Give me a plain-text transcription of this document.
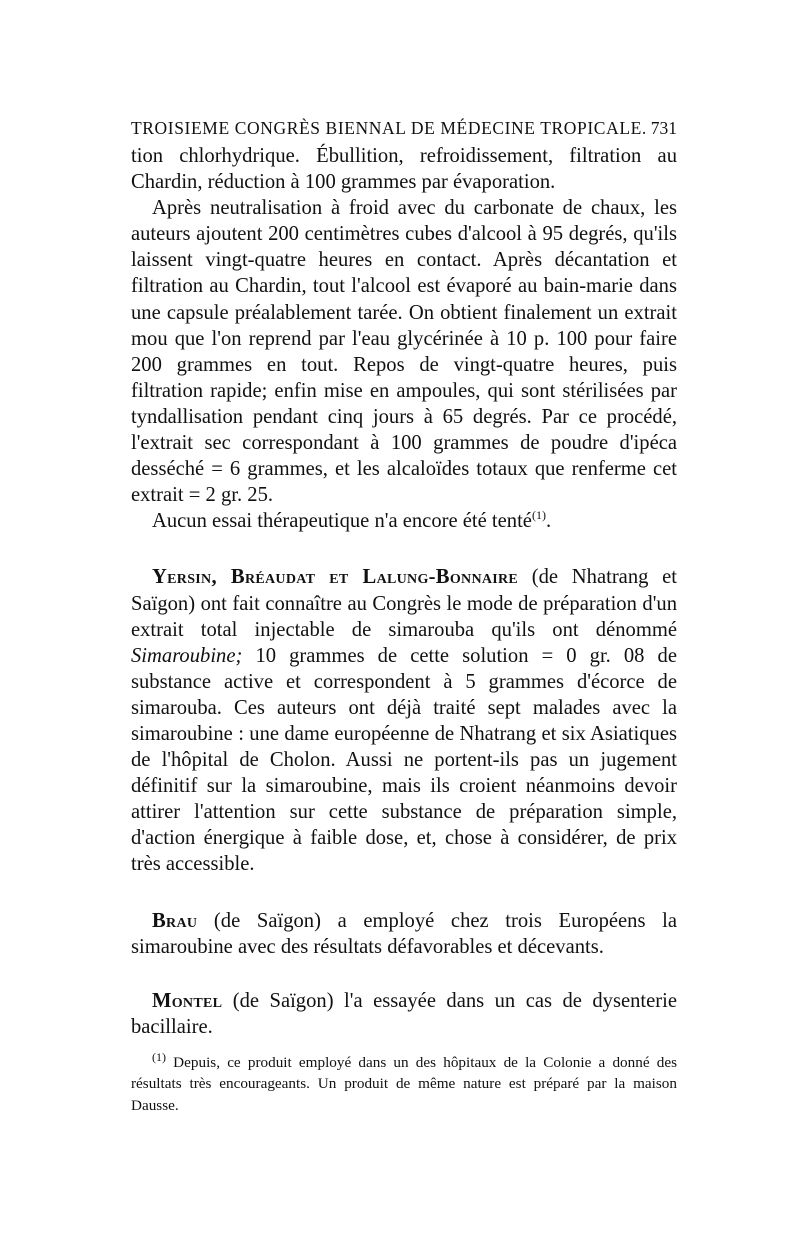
TROISIEME CONGRÈS BIENNAL DE MÉDECINE TROPICALE. 731

tion chlorhydrique. Ébullition, refroidissement, filtration au Chardin, réduction à 100 grammes par évaporation.

Après neutralisation à froid avec du carbonate de chaux, les auteurs ajoutent 200 centimètres cubes d'alcool à 95 degrés, qu'ils laissent vingt-quatre heures en contact. Après décantation et filtration au Chardin, tout l'alcool est évaporé au bain-marie dans une capsule préalablement tarée. On obtient finalement un extrait mou que l'on reprend par l'eau glycérinée à 10 p. 100 pour faire 200 grammes en tout. Repos de vingt-quatre heures, puis filtration rapide; enfin mise en ampoules, qui sont stérilisées par tyndallisation pendant cinq jours à 65 degrés. Par ce procédé, l'extrait sec correspondant à 100 grammes de poudre d'ipéca desséché = 6 grammes, et les alcaloïdes totaux que renferme cet extrait = 2 gr. 25.

Aucun essai thérapeutique n'a encore été tenté$^{(1)}$.

Yersin, Bréaudat et Lalung-Bonnaire (de Nhatrang et Saïgon) ont fait connaître au Congrès le mode de préparation d'un extrait total injectable de simarouba qu'ils ont dénommé Simaroubine; 10 grammes de cette solution = 0 gr. 08 de substance active et correspondent à 5 grammes d'écorce de simarouba. Ces auteurs ont déjà traité sept malades avec la simaroubine : une dame européenne de Nhatrang et six Asiatiques de l'hôpital de Cholon. Aussi ne portent-ils pas un jugement définitif sur la simaroubine, mais ils croient néanmoins devoir attirer l'attention sur cette substance de préparation simple, d'action énergique à faible dose, et, chose à considérer, de prix très accessible.

Brau (de Saïgon) a employé chez trois Européens la simaroubine avec des résultats défavorables et décevants.

Montel (de Saïgon) l'a essayée dans un cas de dysenterie bacillaire.

$^{(1)}$ Depuis, ce produit employé dans un des hôpitaux de la Colonie a donné des résultats très encourageants. Un produit de même nature est préparé par la maison Dausse.
